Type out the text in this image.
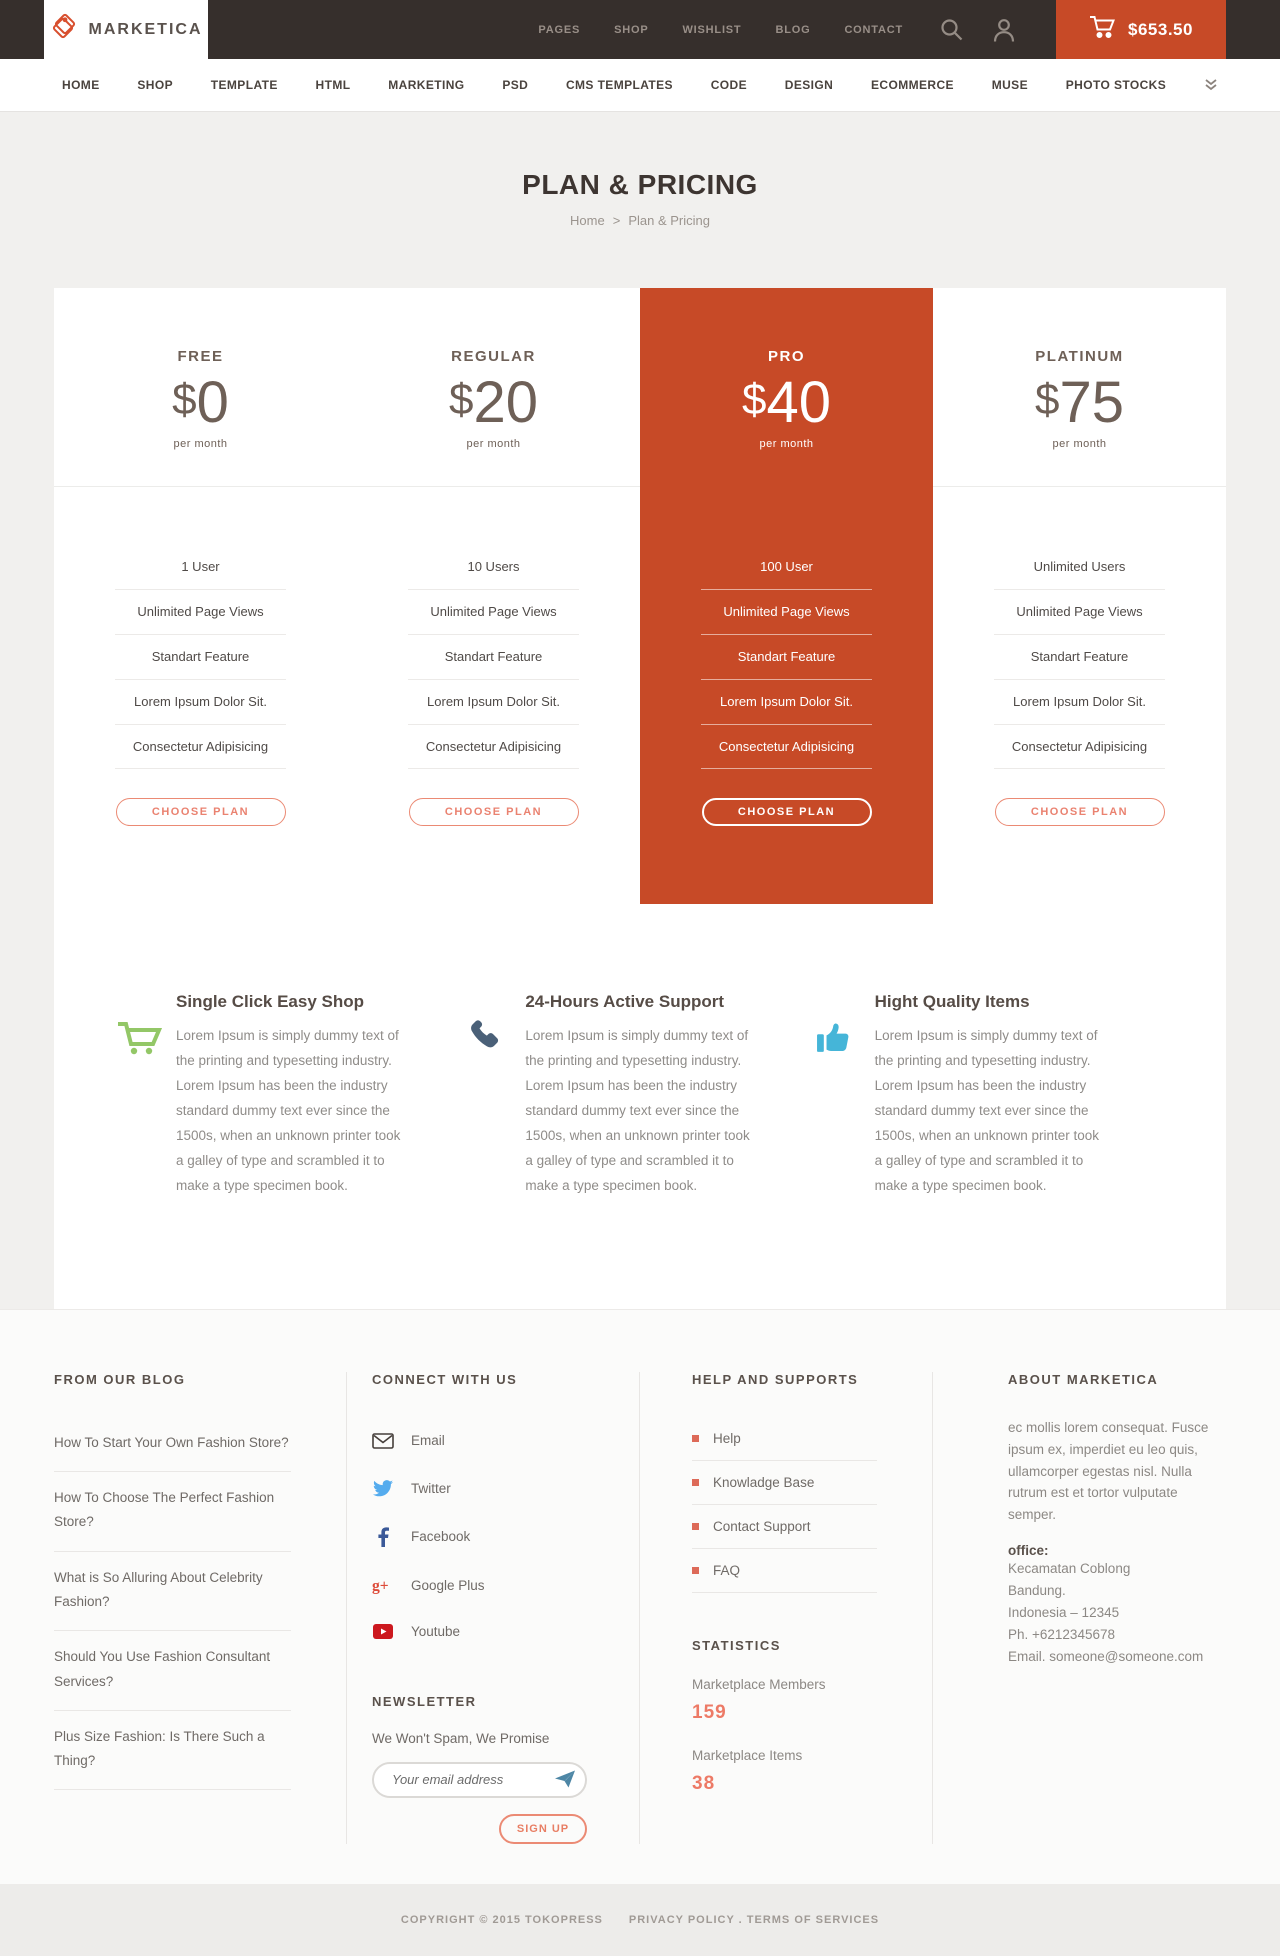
MARKETICA	PAGES	SHOP	WISHLIST	BLOG	CONTACT	$653.50
HOME	SHOP	TEMPLATE	HTML	MARKETING	PSD	CMS TEMPLATES	CODE	DESIGN	ECOMMERCE	MUSE	PHOTO STOCKS
PLAN & PRICING
Home > Plan & Pricing
FREE
$0
per month
1 User
Unlimited Page Views
Standart Feature
Lorem Ipsum Dolor Sit.
Consectetur Adipisicing
CHOOSE PLAN
REGULAR
$20
per month
10 Users
Unlimited Page Views
Standart Feature
Lorem Ipsum Dolor Sit.
Consectetur Adipisicing
CHOOSE PLAN
PRO
$40
per month
100 User
Unlimited Page Views
Standart Feature
Lorem Ipsum Dolor Sit.
Consectetur Adipisicing
CHOOSE PLAN
PLATINUM
$75
per month
Unlimited Users
Unlimited Page Views
Standart Feature
Lorem Ipsum Dolor Sit.
Consectetur Adipisicing
CHOOSE PLAN
Single Click Easy Shop

Lorem Ipsum is simply dummy text of the printing and typesetting industry. Lorem Ipsum has been the industry standard dummy text ever since the 1500s, when an unknown printer took a galley of type and scrambled it to make a type specimen book.

24-Hours Active Support

Lorem Ipsum is simply dummy text of the printing and typesetting industry. Lorem Ipsum has been the industry standard dummy text ever since the 1500s, when an unknown printer took a galley of type and scrambled it to make a type specimen book.

Hight Quality Items

Lorem Ipsum is simply dummy text of the printing and typesetting industry. Lorem Ipsum has been the industry standard dummy text ever since the 1500s, when an unknown printer took a galley of type and scrambled it to make a type specimen book.

FROM OUR BLOG
How To Start Your Own Fashion Store?
How To Choose The Perfect Fashion Store?
What is So Alluring About Celebrity Fashion?
Should You Use Fashion Consultant Services?
Plus Size Fashion: Is There Such a Thing?
CONNECT WITH US
Email
Twitter
Facebook
g+ Google Plus
Youtube
NEWSLETTER
We Won't Spam, We Promise
Your email address
SIGN UP
HELP AND SUPPORTS
Help
Knowladge Base
Contact Support
FAQ
STATISTICS
Marketplace Members
159
Marketplace Items
38
ABOUT MARKETICA

ec mollis lorem consequat. Fusce ipsum ex, imperdiet eu leo quis, ullamcorper egestas nisl. Nulla rutrum est et tortor vulputate semper.

office:
Kecamatan Coblong
Bandung.
Indonesia – 12345
Ph. +6212345678
Email. someone@someone.com
COPYRIGHT © 2015 TOKOPRESS PRIVACY POLICY . TERMS OF SERVICES
